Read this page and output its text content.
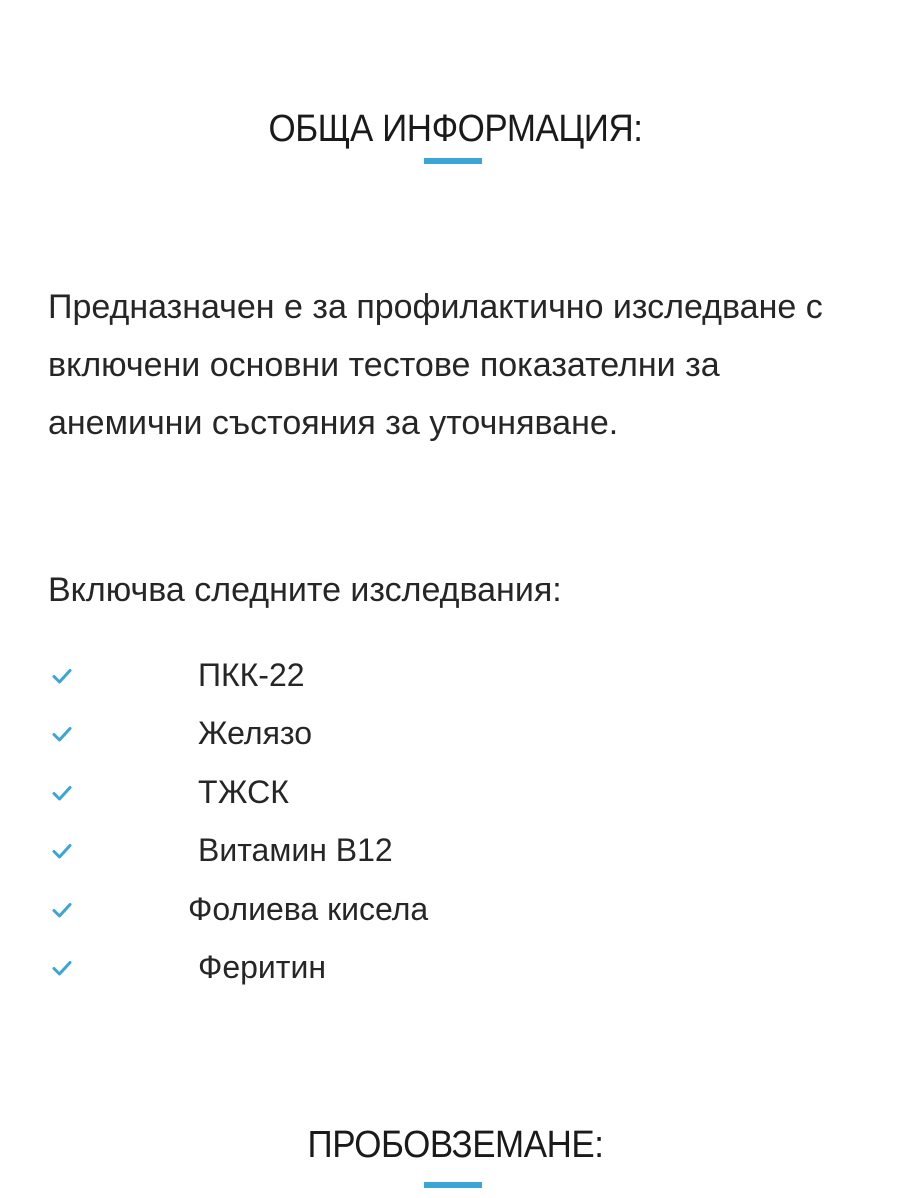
ОБЩА ИНФОРМАЦИЯ:

Предназначен е за профилактично изследване с включени основни тестове показателни за анемични състояния за уточняване.

Включва следните изследвания:

ПКК-22
Желязо
ТЖСК
Витамин B12
Фолиева кисела
Феритин
ПРОБОВЗЕМАНЕ:
